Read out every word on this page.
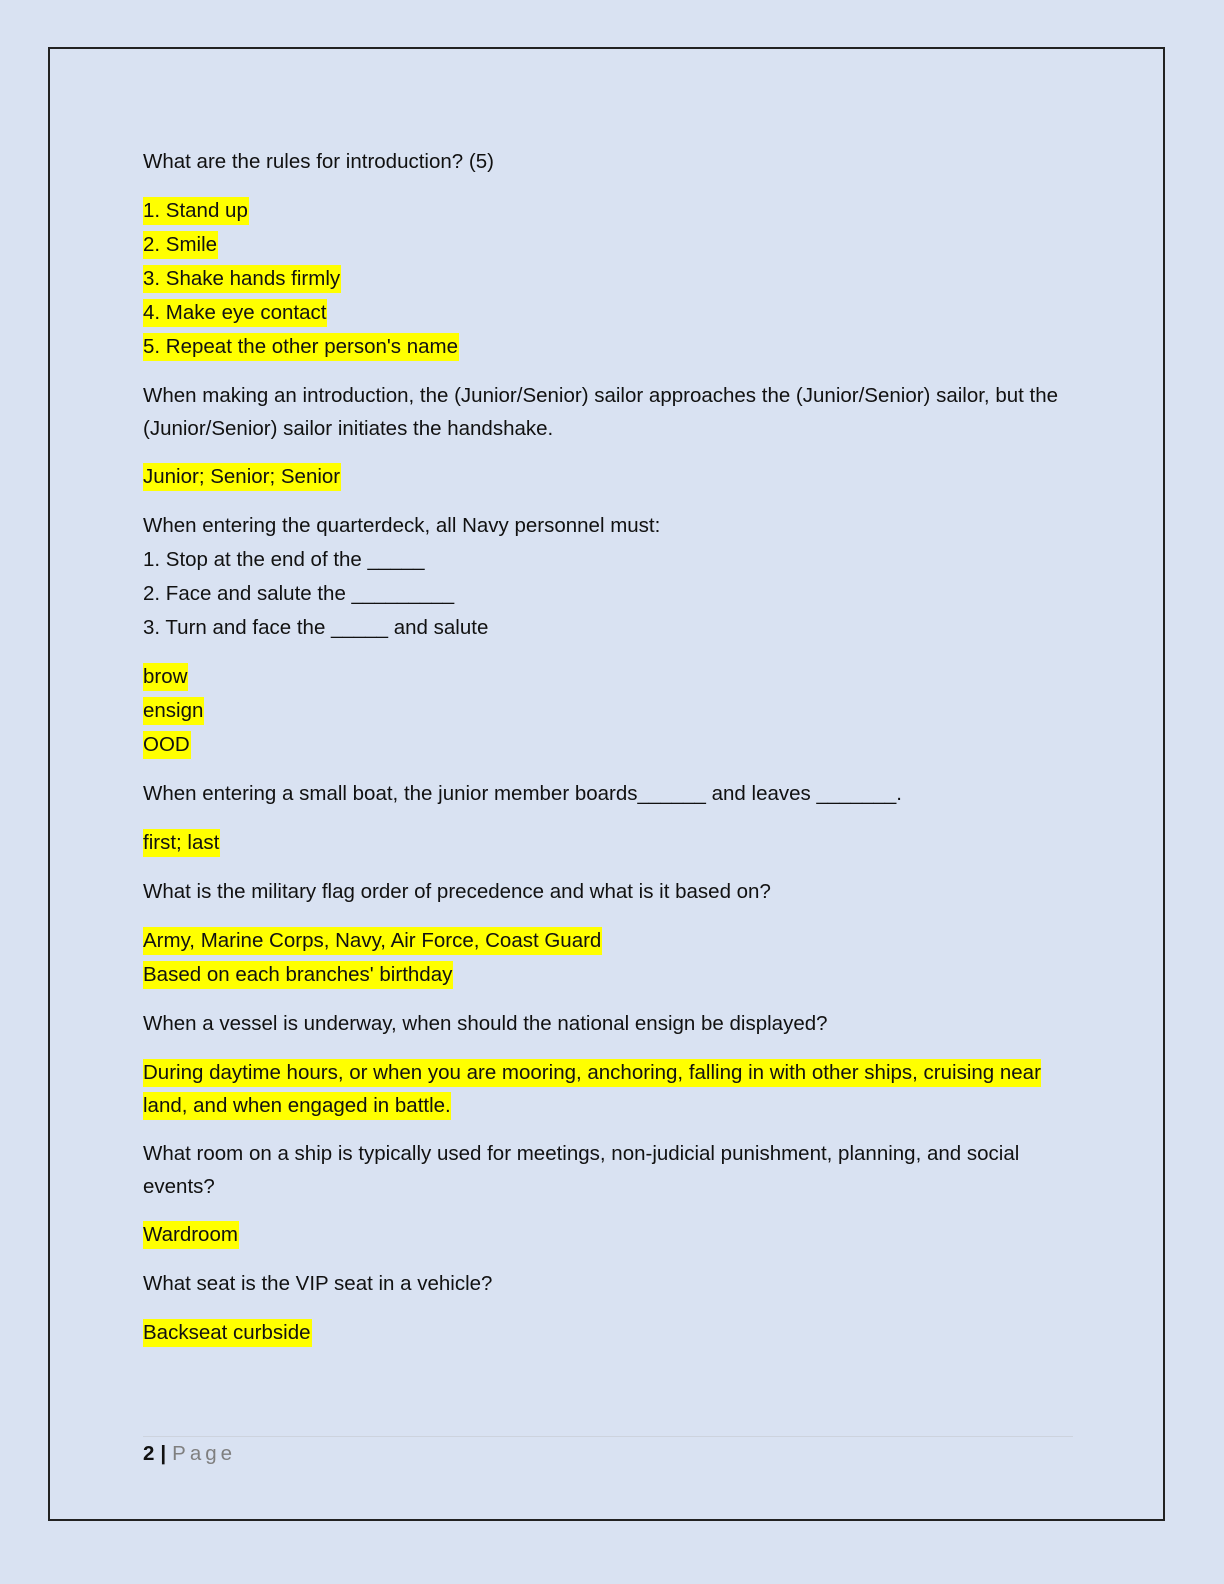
What are the rules for introduction? (5)
1. Stand up
2. Smile
3. Shake hands firmly
4. Make eye contact
5. Repeat the other person's name
When making an introduction, the (Junior/Senior) sailor approaches the (Junior/Senior) sailor, but the (Junior/Senior) sailor initiates the handshake.
Junior; Senior; Senior
When entering the quarterdeck, all Navy personnel must:
1. Stop at the end of the _____
2. Face and salute the _________
3. Turn and face the _____ and salute
brow
ensign
OOD
When entering a small boat, the junior member boards______ and leaves _______.
first; last
What is the military flag order of precedence and what is it based on?
Army, Marine Corps, Navy, Air Force, Coast Guard
Based on each branches' birthday
When a vessel is underway, when should the national ensign be displayed?
During daytime hours, or when you are mooring, anchoring, falling in with other ships, cruising near land, and when engaged in battle.
What room on a ship is typically used for meetings, non-judicial punishment, planning, and social events?
Wardroom
What seat is the VIP seat in a vehicle?
Backseat curbside
2 | Page
